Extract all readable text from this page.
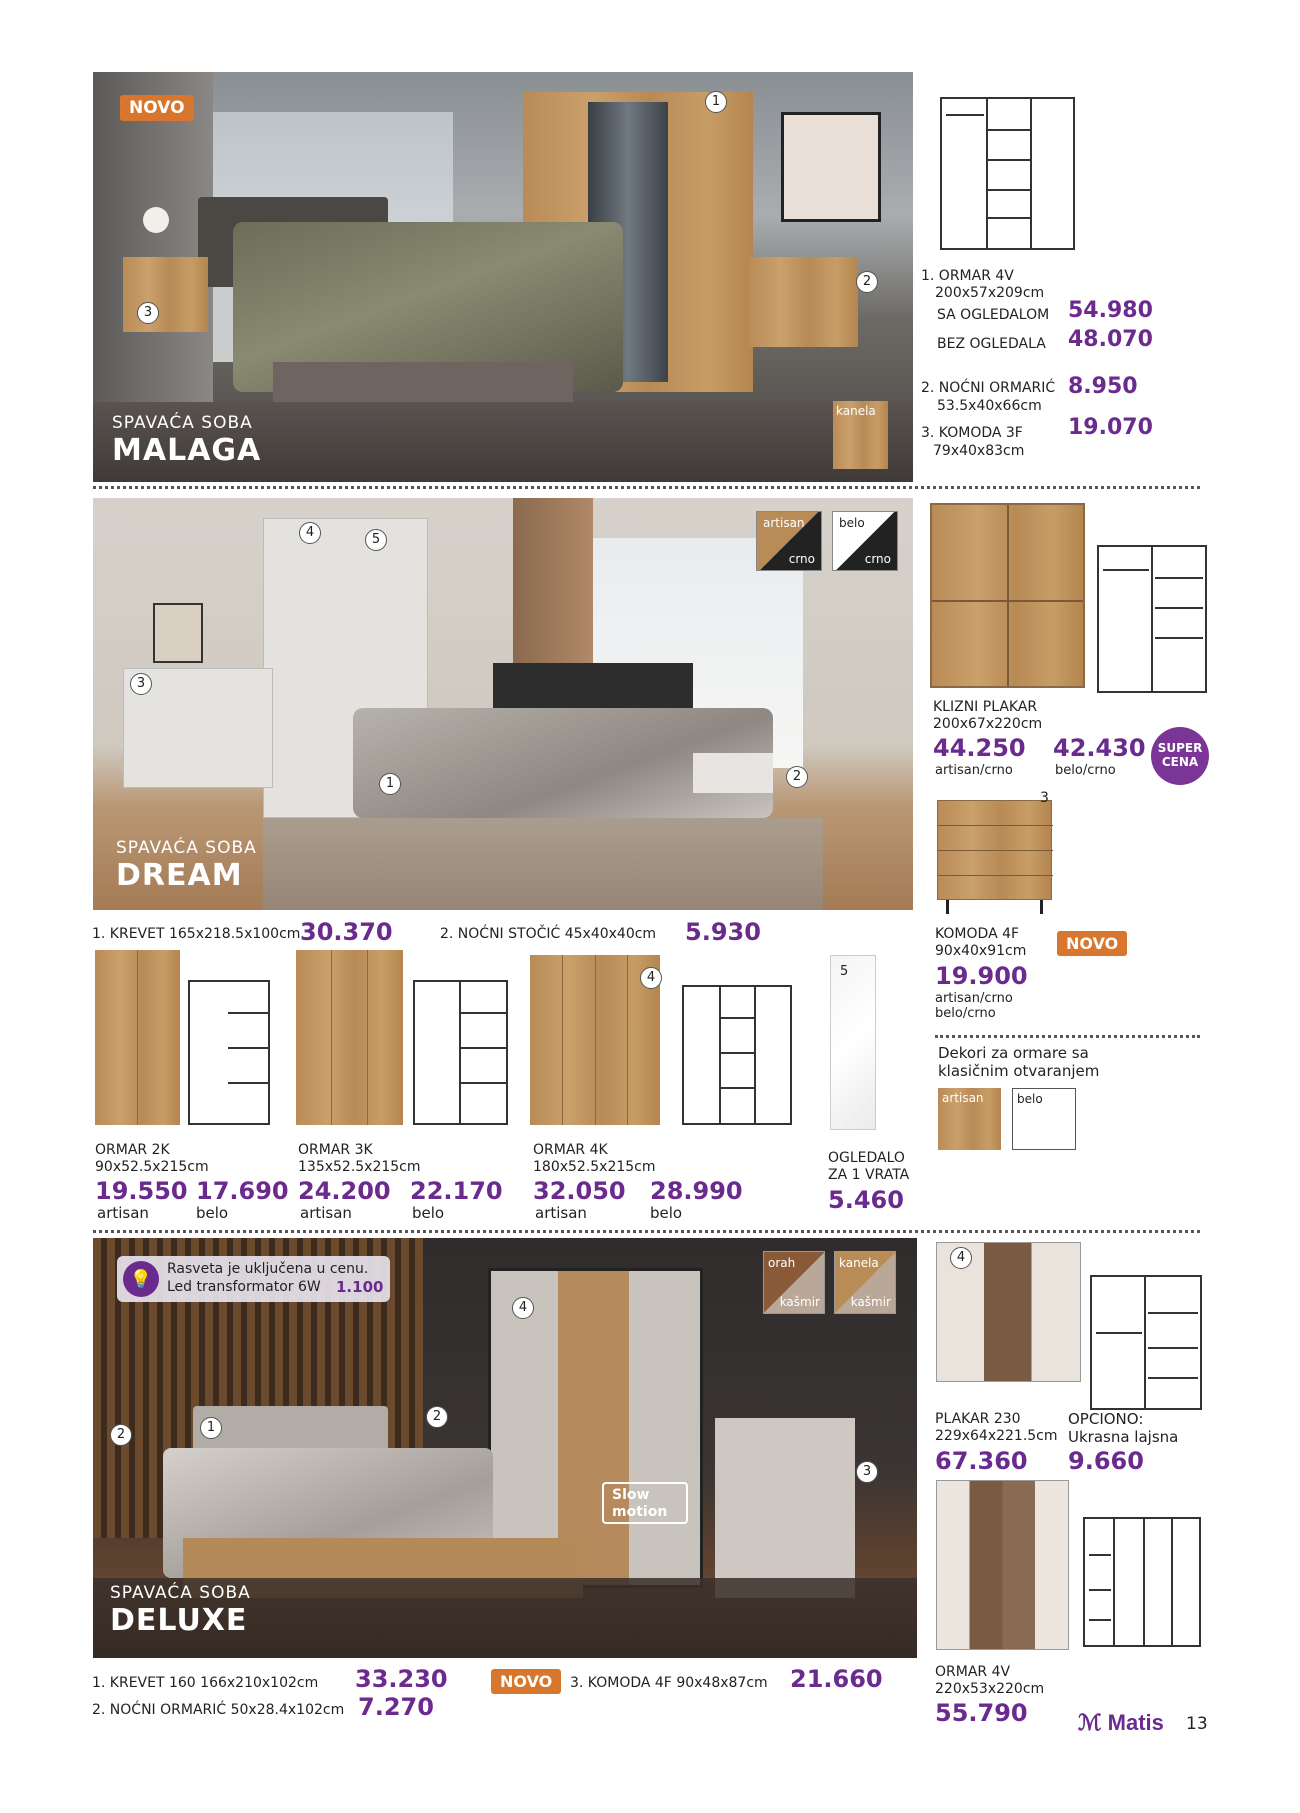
NOVO	1
2
3
SPAVAĆA SOBA
MALAGA
kanela
1. ORMAR 4V
200x57x209cm
SA OGLEDALOM 54.980
BEZ OGLEDALA 48.070
2. NOĆNI ORMARIĆ
53.5x40x66cm
8.950
3. KOMODA 3F
79x40x83cm
19.070
artisan
crno
belo
crno
1	2
3
4	5
SPAVAĆA SOBA
DREAM
KLIZNI PLAKAR
200x67x220cm
44.250
artisan/crno
42.430
belo/crno
SUPER
CENA
3
KOMODA 4F
90x40x91cm
19.900
artisan/crno
belo/crno
NOVO
Dekori za ormare sa
klasičnim otvaranjem
artisan	belo
1. KREVET 165x218.5x100cm 30.370	2. NOĆNI STOČIĆ 45x40x40cm 5.930
ORMAR 2K
90x52.5x215cm
19.550
artisan
17.690
belo
ORMAR 3K
135x52.5x215cm
24.200
artisan
22.170
belo
4
ORMAR 4K
180x52.5x215cm
32.050
artisan
28.990
belo
5
OGLEDALO
ZA 1 VRATA
5.460
💡	Rasveta je uključena u cenu.
Led transformator 6W 1.100
orah
kašmir
kanela
kašmir
1
2
2
3
4
Slow
motion
SPAVAĆA SOBA
DELUXE
4
PLAKAR 230
229x64x221.5cm
67.360
OPCIONO:
Ukrasna lajsna
9.660
ORMAR 4V
220x53x220cm
55.790
1. KREVET 160 166x210x102cm 33.230
2. NOĆNI ORMARIĆ 50x28.4x102cm 7.270
NOVO	3. KOMODA 4F 90x48x87cm 21.660
ℳ Matis 13
